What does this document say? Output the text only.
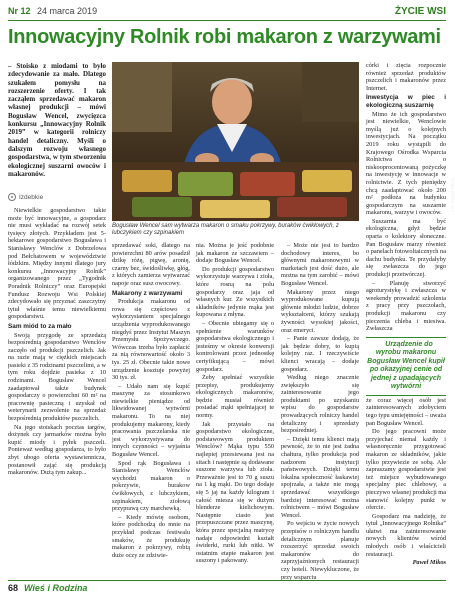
Nr 12 24 marca 2019	ŻYCIE WSI
Innowacyjny Rolnik robi makaron z warzywami
– Stoisko z miodami to było zdecydowanie za mało. Dlatego szukałem pomysłu na rozszerzenie oferty. I tak zacząłem sprzedawać makaron własnej produkcji – mówi Bogusław Wencel, zwycięzca konkursu „Innowacyjny Rolnik 2019” w kategorii rolniczy handel detaliczny. Myśli o dalszym rozwoju własnego gospodarstwa, w tym stworzeniu ekologicznej suszarni owoców i makaronów.
Izdebkie	Fot. Paweł Mikos
Bogusław Wencel sam wytwarza makaron o smaku pokrzywy, buraków ćwikłowych, z lubczykiem czy szpinakiem

Niewielkie gospodarstwo takie może być innowacyjne, a gospodarz nie musi wykładać na rozwój setek tysięcy złotych. Przykładem jest 5-hektarowe gospodarstwo Bogusława i Stanisławy Wenclów z Dobrzelowa pod Bełchatowem w województwie łódzkim. Między innymi dlatego jury konkursu „Innowacyjny Rolnik” organizowanego przez „Tygodnik Poradnik Rolniczy” oraz Europejski Fundusz Rozwoju Wsi Polskiej zdecydowało się przyznać zaszczytny tytuł właśnie temu niewielkiemu gospodarstwu.

Sam miód to za mało

Swoją przygodę ze sprzedażą bezpośrednią gospodarstwo Wenclów zaczęło od produkcji pszczelich. Jak na razie mają w ciężkich miejscach pasieki z 35 rodzinami pszczelimi, a w tym roku dojdzie pasieka z 10 rodzinami. Bogusław Wencel zaadaptował także budynek gospodarczy o powierzchni 60 m² na pracownię pasieczną i uzyskał od weterynarii zezwolenie na sprzedaż bezpośrednią produktów pszczelich.

Na jego stoiskach pocztas targów, dożynek czy jarmarków można było kupić miody i pyłek pszczeli. Ponieważ według gospodarza, to było zbyt ubogo oferta wystawiennicza, postanowił zająć się produkcją makaronów. Dużą tym zakup...

sprzedawać soki, dlatego na powierzchni 80 arów posadził dzikę różę, pigwę, aronię, czarny bez, świdośliwkę, głóg, z których zamierza wytwarzać napoje oraz susz owocowy.

Makarony z warzywami

Produkcja makaronu od rowa się częściowo z wykorzystaniem specjalnego urządzenia wyprodukowanego niegdyś przez Instytut Maszyn Przemysłu Spożywczego. Wówczas trzeba było zapłacić za nią równowartość około 3 tys. 25 zł. Obecnie takie nowe urządzenie kosztuje powyżej 30 tys. zł.

– Udało nam się kupić maszynę za stosunkowo niewielkie pieniądze od likwidowanej wytwórni makaronu. To na niej produkujemy makarony, kiedy pracowania pszczelarska nie jest wykorzystywana do innych czynności – wyjaśnia Bogusław Wencel.

Spod rąk Bogusława i Stanisławy Wenclów wychodzi makaron o pokrzywie, burakow ćwikłowych, z lubczykiem, szpinakiem, ziołową przyprawą czy marchewką.

– Kiedy mówię osobom, które podchodzą do mnie na przykład podczas festiwalu smaków, że produkuję makaron z pokrzywy, robią duże oczy ze zdziwie-

nia. Można je jeść podobnie jak makaron ze szczawiem – dodaje Bogusław Wencel.

Do produkcji gospodarstwo wykorzystuje warzywa i zioła, które rosną na polu gospodarzy oraz jaja od własnych kur. Ze wszystkich składników jedynie mąka jest kupowana z młyna.

– Obecnie ubiegamy się o spełnienie warunków gospodarstwa ekologicznego i jesteśmy w okresie konwersji kontrolowani przez jednostkę certyfikującą – mówi gospodarz.

Żeby spełniać wszystkie przepisy, produkujemy ekologicznych makaronów, będzie musiał również posiadać mąki spełniającej te normy.

Jak przystało na gospodarstwo ekologiczne, podstawowym produktem Wenclów? Mąka typu 550 najlepiej przesiewana jest na sitach i następnie są dodawane suszone warzywa lub zioła. Przeważnie jest to 70 g suszu na 1 kg mąki. Do tego dodaje się 5 jaj na każdy kilogram i całość miesza się w dużym blenderze kielichowym. Następnie ciasto jest przepuszczane przez maszynę, która przez specjalną matrycę nadaje odpowiedni kształt świderki, rurki lub nitki. W ostatnim etapie makaron jest suszony i pakowany.

– Może nie jest to bardzo dochodowy interes, bo głównymi makaronowymi w marketach jest dość dużo, ale można na tym zarobić – mówi Bogusław Wencel.

Makarony przez niego wyprodukowane kupują głównie młodzi ludzie, dobrze wykształceni, którzy szukają żywności wysokiej jakości, oraz emeryci.

– Panie zawsze dodają, że jak będzie dobry, to kupią kolejny raz. I rzeczywiście klienci wracają – dodaje gospodarz.

Według niego znacznie zwiększyło się zainteresowanie jego produktami po uzyskaniu wpisu do gospodarstw prowadzących rolniczy handel detaliczny i sprzedaży bezpośredniej.

– Dzięki temu klienci mają pewność, że to nie jest żadna chałtura, tylko produkcja pod nadzorem instytucji państwowych. Dzięki temu lokalna społeczność łaskawiej spojrzała, a także nie mogą sprzedawać wszystkiego bardziej interesować można rolnictwem – mówi Bogusław Wencel.

Po wejściu w życie nowych przepisów o rolniczym handlu detalicznym planuje rozszerzyć sprzedaż swoich makaronów do zaprzyjaźnionych restauracji czy hoteli. Niewykluczone, że przy wsparciu

córki i zięcia rozpocznie również sprzedaż produktów pszczelich i makaronów przez Internet.

Inwestycja w piec i ekologiczną suszarnię

Mimo że ich gospodarstwo jest niewielkie, Wenclowie myślą już o kolejnych inwestycjach. Na początku 2019 roku wystąpili do Krajowego Ośrodka Wsparcia Rolnictwa o niskooprocentowaną pożyczkę na inwestycję w innowacje w rolnictwie. Z tych pieniędzy chcą zaadaptować około 200 m² podłoża na budynku gospodarczym na suszarnie makaronu, warzyw i owoców.

Suszarnia ma być ekologiczna, gdyż będzie oparta o kolektory słoneczne. Pan Bogusław marzy również o panelach fotowoltaicznych na dachu budynku. Te przydałyby się zwłaszcza do jego produkcji przetwórczej.

– Planuję stworzyć agroturystykę i zwłaszcza w weekendy prowadzić szkolenia z pracy przy pszczołach, produkcji makaronu czy pieczenia chleba i miesiwa. Zwłaszcza

Urządzenie do wyrobu makaronu Bogusław Wencel kupił po okazyjnej cenie od jednej z upadających wytwórni

że coraz więcej osób jest zainteresowanych zdobyciem tego typu umiejętności – uważa pan Bogusław Wencel.

Do jego pracowni może przyjechać niemal każdy i własnoręcznie przygotować makaron ze składników, jakie tylko przywiezie ze sobą. Ale zapraszamy gospodarstwie jest też miejsce wybudowanego specjalny piec chlebowy, a pieczywo własnej produkcji ma stanowić kolejny punkt w ofercie.

Gospodarz ma nadzieję, że tytuł „Innowacyjnego Rolnika” ułatwi ma zainteresowanie nowych klientów wśród młodych osób i właścicieli restauracji.

Paweł Mikos

68 Wieś i Rodzina
